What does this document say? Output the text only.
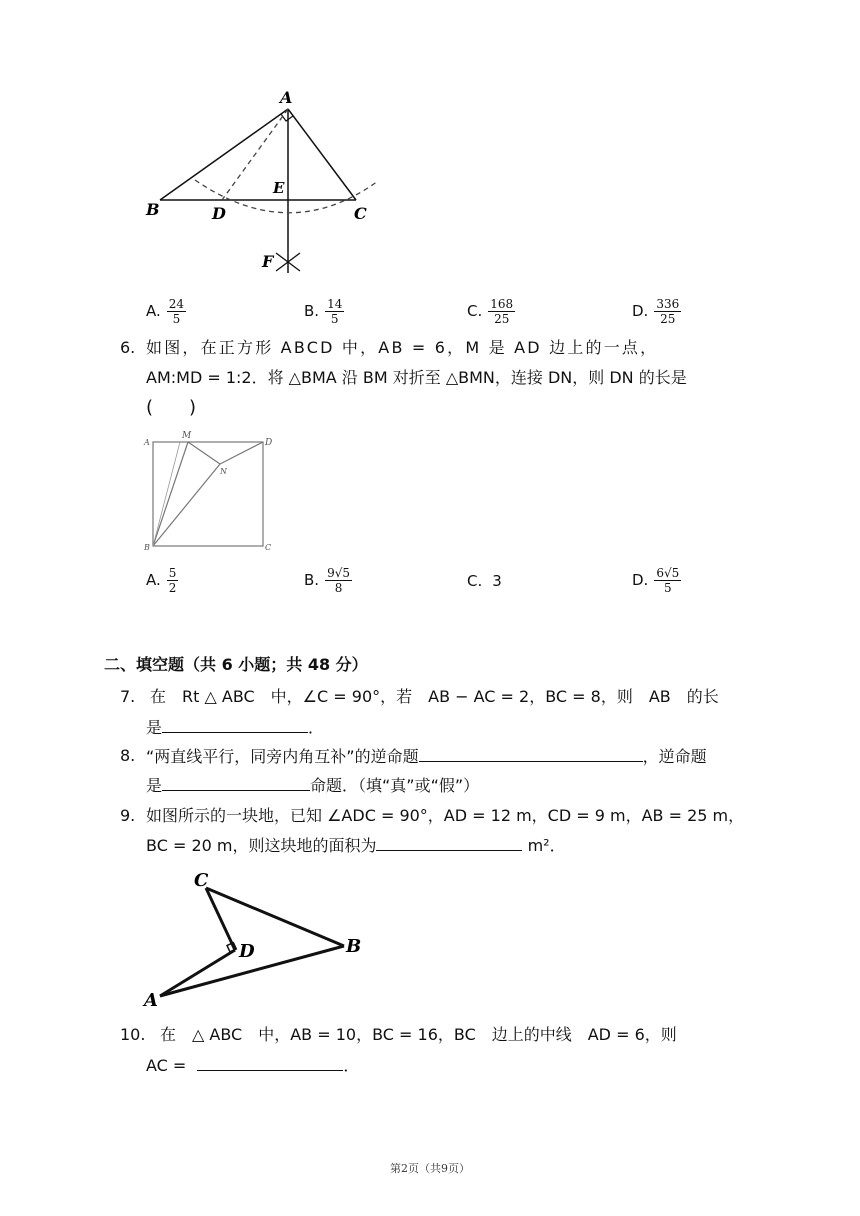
A
B	D
E
C
F
A. $\frac{24}{5}$	B. $\frac{14}{5}$	C. $\frac{168}{25}$	D. $\frac{336}{25}$
6. 如图，在正方形 ABCD 中，AB = 6，M 是 AD 边上的一点，
AM:MD = 1:2．将 △BMA 沿 BM 对折至 △BMN，连接 DN，则 DN 的长是
(　　)
A
M
D
N
B	C
A. $\frac{5}{2}$	B. $\frac{9√5}{8}$	C. 3	D. $\frac{6√5}{5}$
二、填空题（共 6 小题；共 48 分）
7. 在　Rt △ ABC　中，∠C = 90°，若　AB − AC = 2，BC = 8，则　AB　的长
是	．
8. “两直线平行，同旁内角互补”的逆命题	，逆命题
是	命题．（填“真”或“假”）
9. 如图所示的一块地，已知 ∠ADC = 90°，AD = 12 m，CD = 9 m，AB = 25 m，
BC = 20 m，则这块地的面积为	m²．
C
D	B
A
10. 在　△ ABC　中，AB = 10，BC = 16，BC　边上的中线　AD = 6，则
AC =	．
第2页（共9页）
